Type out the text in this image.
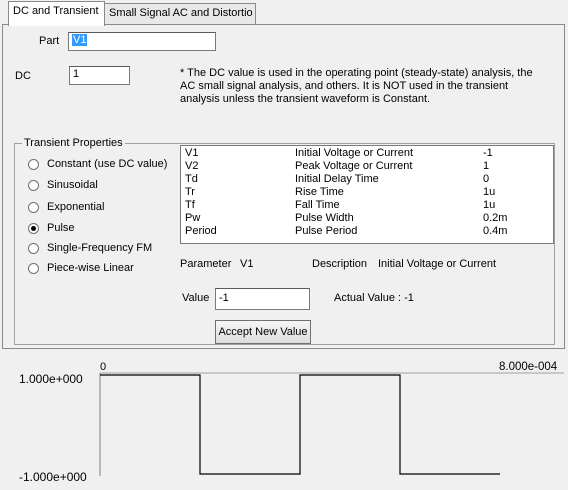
DC and Transient Small Signal AC and Distortio
Part	V1
DC	1	* The DC value is used in the operating point (steady-state) analysis, the AC small signal analysis, and others. It is NOT used in the transient analysis unless the transient waveform is Constant.
Transient Properties
Constant (use DC value)
Sinusoidal
Exponential
Pulse
Single-Frequency FM
Piece-wise Linear
V1	Initial Voltage or Current	-1
V2	Peak Voltage or Current	1
Td	Initial Delay Time	0
Tr	Rise Time	1u
Tf	Fall Time	1u
Pw	Pulse Width	0.2m
Period	Pulse Period	0.4m
Parameter V1	Description Initial Voltage or Current
Value -1	Actual Value : -1
Accept New Value
0	8.000e-004
1.000e+000
-1.000e+000
